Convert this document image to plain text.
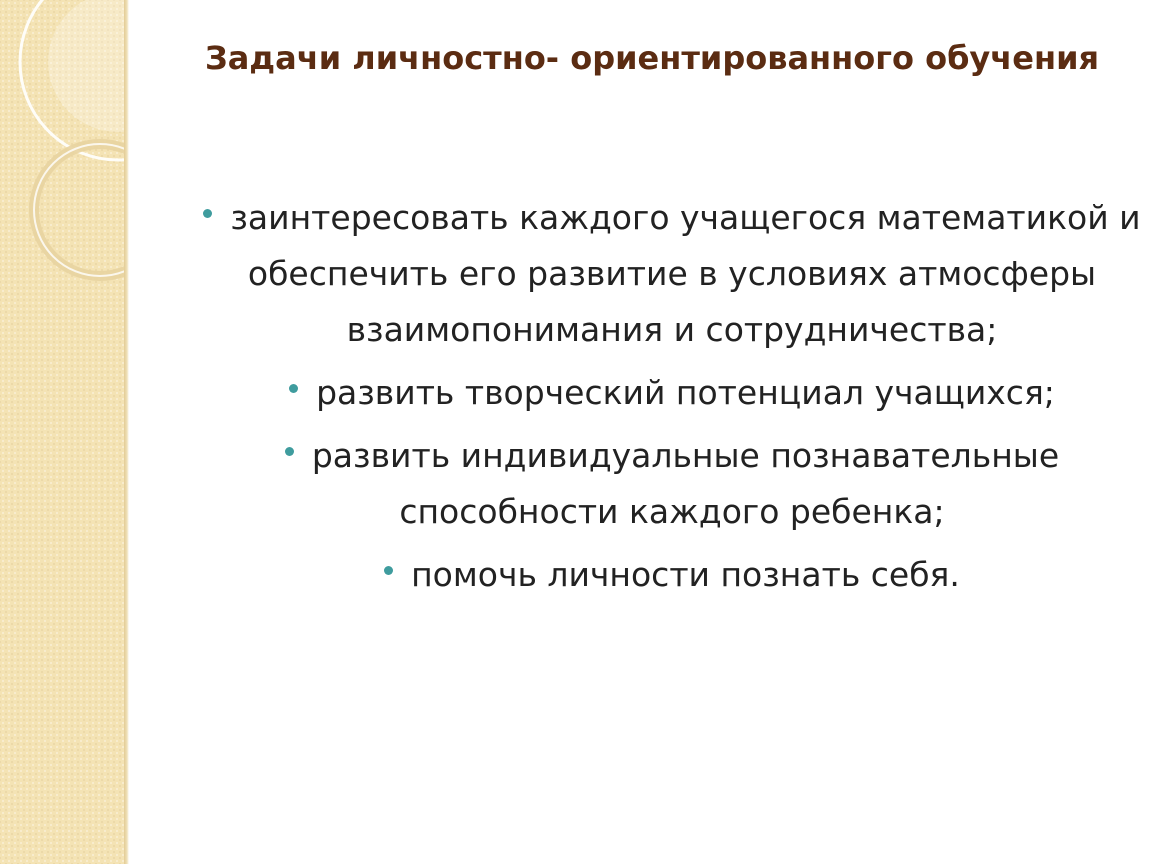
Задачи личностно- ориентированного обучения
заинтересовать каждого учащегося математикой и обеспечить его развитие в условиях атмосферы взаимопонимания и сотрудничества;
развить творческий потенциал учащихся;
развить индивидуальные познавательные способности каждого ребенка;
помочь личности познать себя.
